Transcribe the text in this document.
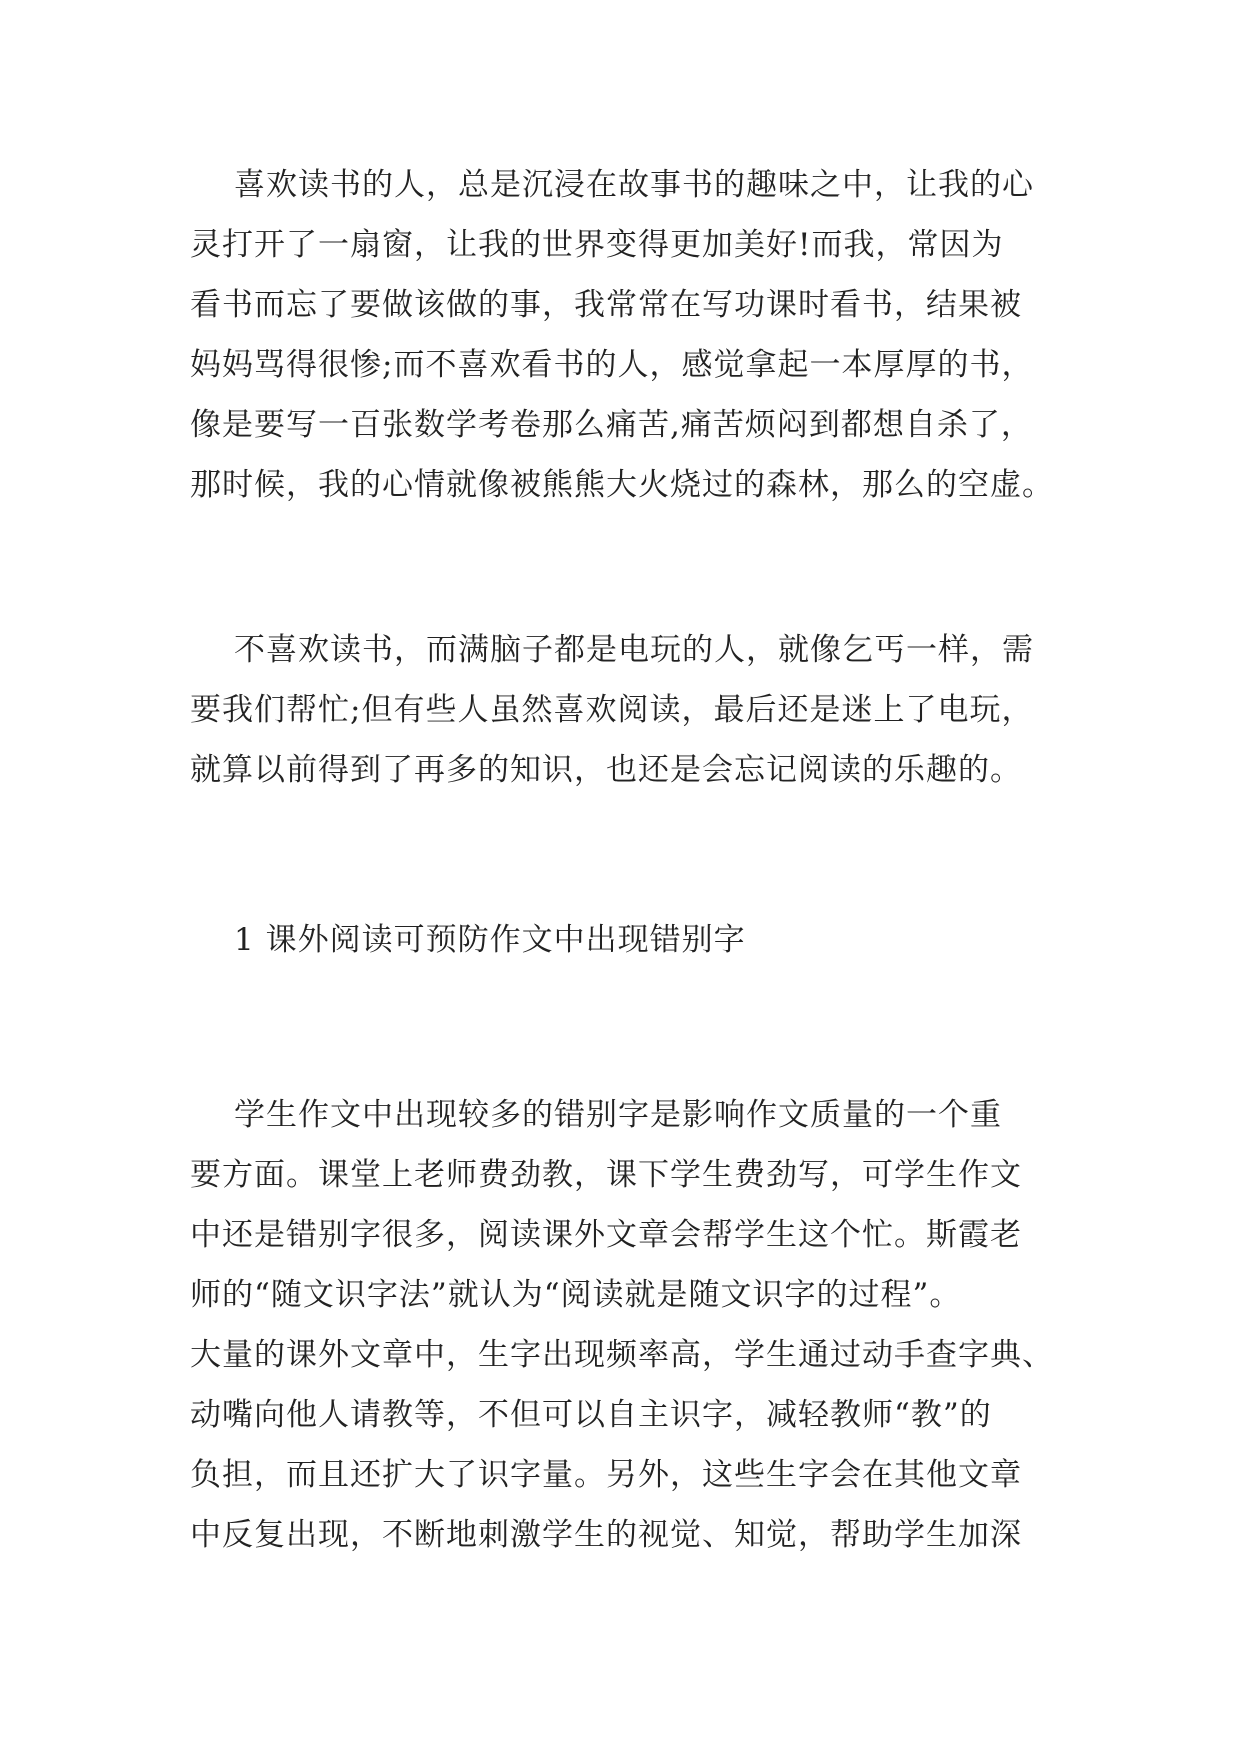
喜欢读书的人，总是沉浸在故事书的趣味之中，让我的心
灵打开了一扇窗，让我的世界变得更加美好!而我，常因为
看书而忘了要做该做的事，我常常在写功课时看书，结果被
妈妈骂得很惨;而不喜欢看书的人，感觉拿起一本厚厚的书，
像是要写一百张数学考卷那么痛苦,痛苦烦闷到都想自杀了，
那时候，我的心情就像被熊熊大火烧过的森林，那么的空虚。
不喜欢读书，而满脑子都是电玩的人，就像乞丐一样，需
要我们帮忙;但有些人虽然喜欢阅读，最后还是迷上了电玩，
就算以前得到了再多的知识，也还是会忘记阅读的乐趣的。
1 课外阅读可预防作文中出现错别字
学生作文中出现较多的错别字是影响作文质量的一个重
要方面。课堂上老师费劲教，课下学生费劲写，可学生作文
中还是错别字很多，阅读课外文章会帮学生这个忙。斯霞老
师的“随文识字法”就认为“阅读就是随文识字的过程”。
大量的课外文章中，生字出现频率高，学生通过动手查字典、
动嘴向他人请教等，不但可以自主识字，减轻教师“教”的
负担，而且还扩大了识字量。另外，这些生字会在其他文章
中反复出现，不断地刺激学生的视觉、知觉，帮助学生加深
